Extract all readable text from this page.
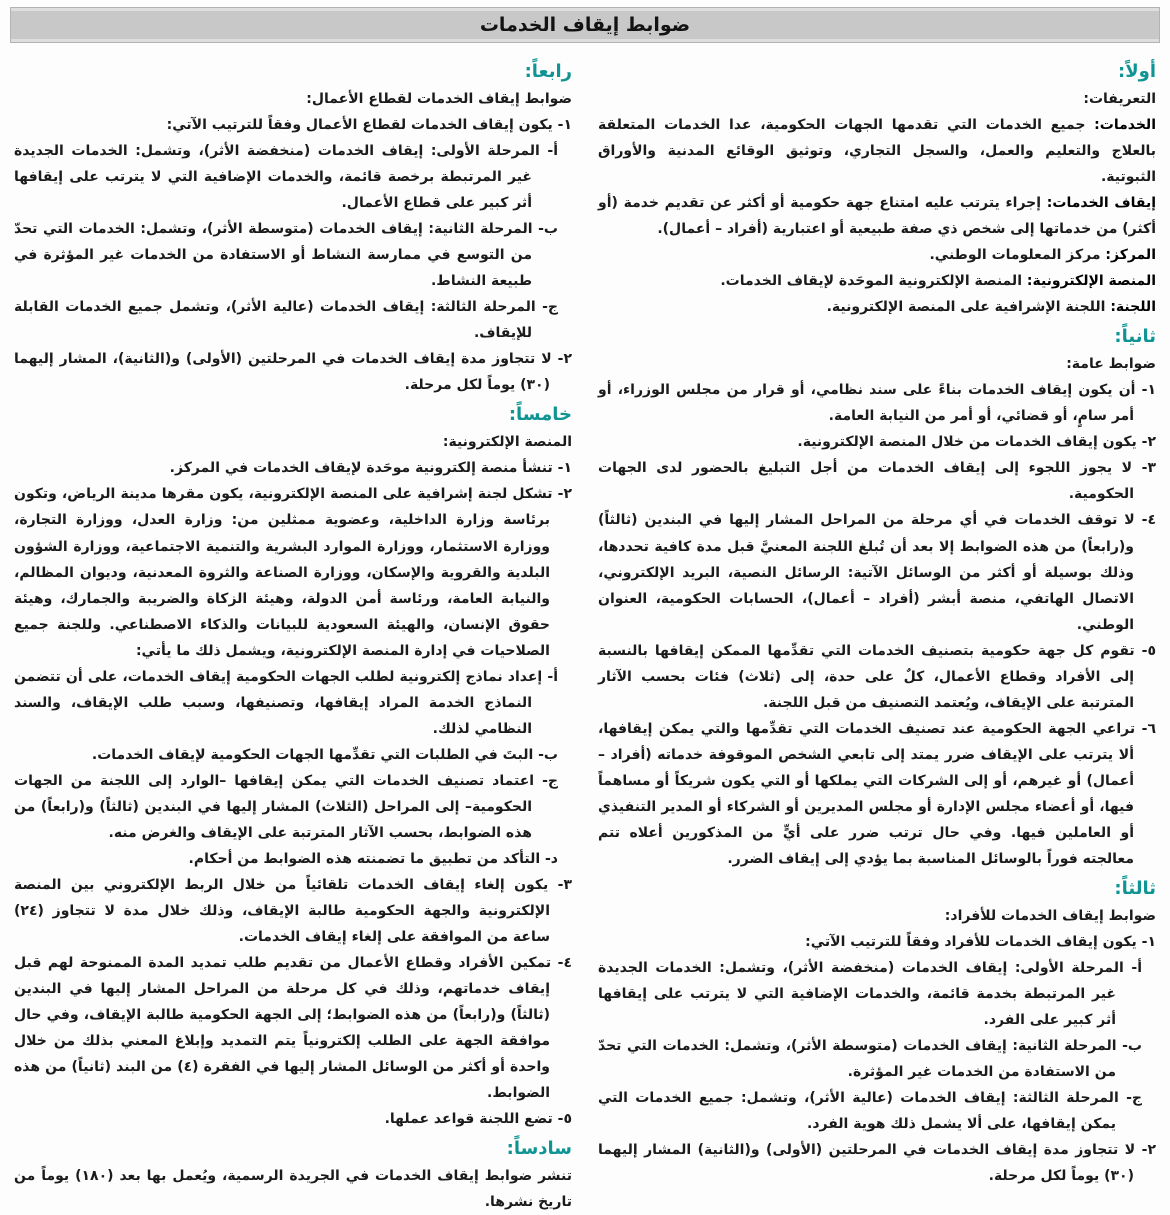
ضوابط إيقاف الخدمات

أولاً:

التعريفات:

الخدمات: جميع الخدمات التي تقدمها الجهات الحكومية، عدا الخدمات المتعلقة بالعلاج والتعليم والعمل، والسجل التجاري، وتوثيق الوقائع المدنية والأوراق الثبوتية.

إيقاف الخدمات: إجراء يترتب عليه امتناع جهة حكومية أو أكثر عن تقديم خدمة (أو أكثر) من خدماتها إلى شخص ذي صفة طبيعية أو اعتبارية (أفراد – أعمال).

المركز: مركز المعلومات الوطني.

المنصة الإلكترونية: المنصة الإلكترونية الموحَدة لإيقاف الخدمات.

اللجنة: اللجنة الإشرافية على المنصة الإلكترونية.

ثانياً:

ضوابط عامة:

١- أن يكون إيقاف الخدمات بناءً على سند نظامي، أو قرار من مجلس الوزراء، أو أمر سامٍ، أو قضائي، أو أمر من النيابة العامة.

٢- يكون إيقاف الخدمات من خلال المنصة الإلكترونية.

٣- لا يجوز اللجوء إلى إيقاف الخدمات من أجل التبليغ بالحضور لدى الجهات الحكومية.

٤- لا توقف الخدمات في أي مرحلة من المراحل المشار إليها في البندين (ثالثاً) و(رابعاً) من هذه الضوابط إلا بعد أن تُبلغ اللجنة المعنيَّ قبل مدة كافية تحددها، وذلك بوسيلة أو أكثر من الوسائل الآتية: الرسائل النصية، البريد الإلكتروني، الاتصال الهاتفي، منصة أبشر (أفراد – أعمال)، الحسابات الحكومية، العنوان الوطني.

٥- تقوم كل جهة حكومية بتصنيف الخدمات التي تقدِّمها الممكن إيقافها بالنسبة إلى الأفراد وقطاع الأعمال، كلٌ على حدة، إلى (ثلاث) فئات بحسب الآثار المترتبة على الإيقاف، ويُعتمد التصنيف من قبل اللجنة.

٦- تراعي الجهة الحكومية عند تصنيف الخدمات التي تقدِّمها والتي يمكن إيقافها، ألا يترتب على الإيقاف ضرر يمتد إلى تابعي الشخص الموقوفة خدماته (أفراد – أعمال) أو غيرهم، أو إلى الشركات التي يملكها أو التي يكون شريكاً أو مساهماً فيها، أو أعضاء مجلس الإدارة أو مجلس المديرين أو الشركاء أو المدير التنفيذي أو العاملين فيها. وفي حال ترتب ضرر على أيٍّ من المذكورين أعلاه تتم معالجته فوراً بالوسائل المناسبة بما يؤدي إلى إيقاف الضرر.

ثالثاً:

ضوابط إيقاف الخدمات للأفراد:

١- يكون إيقاف الخدمات للأفراد وفقاً للترتيب الآتي:

أ- المرحلة الأولى: إيقاف الخدمات (منخفضة الأثر)، وتشمل: الخدمات الجديدة غير المرتبطة بخدمة قائمة، والخدمات الإضافية التي لا يترتب على إيقافها أثر كبير على الفرد.

ب- المرحلة الثانية: إيقاف الخدمات (متوسطة الأثر)، وتشمل: الخدمات التي تحدّ من الاستفادة من الخدمات غير المؤثرة.

ج- المرحلة الثالثة: إيقاف الخدمات (عالية الأثر)، وتشمل: جميع الخدمات التي يمكن إيقافها، على ألا يشمل ذلك هوية الفرد.

٢- لا تتجاوز مدة إيقاف الخدمات في المرحلتين (الأولى) و(الثانية) المشار إليهما (٣٠) يوماً لكل مرحلة.

رابعاً:

ضوابط إيقاف الخدمات لقطاع الأعمال:

١- يكون إيقاف الخدمات لقطاع الأعمال وفقاً للترتيب الآتي:

أ- المرحلة الأولى: إيقاف الخدمات (منخفضة الأثر)، وتشمل: الخدمات الجديدة غير المرتبطة برخصة قائمة، والخدمات الإضافية التي لا يترتب على إيقافها أثر كبير على قطاع الأعمال.

ب- المرحلة الثانية: إيقاف الخدمات (متوسطة الأثر)، وتشمل: الخدمات التي تحدّ من التوسع في ممارسة النشاط أو الاستفادة من الخدمات غير المؤثرة في طبيعة النشاط.

ج- المرحلة الثالثة: إيقاف الخدمات (عالية الأثر)، وتشمل جميع الخدمات القابلة للإيقاف.

٢- لا تتجاوز مدة إيقاف الخدمات في المرحلتين (الأولى) و(الثانية)، المشار إليهما (٣٠) يوماً لكل مرحلة.

خامساً:

المنصة الإلكترونية:

١- تنشأ منصة إلكترونية موحَدة لإيقاف الخدمات في المركز.

٢- تشكل لجنة إشرافية على المنصة الإلكترونية، يكون مقرها مدينة الرياض، وتكون برئاسة وزارة الداخلية، وعضوية ممثلين من: وزارة العدل، ووزارة التجارة، ووزارة الاستثمار، ووزارة الموارد البشرية والتنمية الاجتماعية، ووزارة الشؤون البلدية والقروية والإسكان، ووزارة الصناعة والثروة المعدنية، وديوان المظالم، والنيابة العامة، ورئاسة أمن الدولة، وهيئة الزكاة والضريبة والجمارك، وهيئة حقوق الإنسان، والهيئة السعودية للبيانات والذكاء الاصطناعي. وللجنة جميع الصلاحيات في إدارة المنصة الإلكترونية، ويشمل ذلك ما يأتي:

أ- إعداد نماذج إلكترونية لطلب الجهات الحكومية إيقاف الخدمات، على أن تتضمن النماذج الخدمة المراد إيقافها، وتصنيفها، وسبب طلب الإيقاف، والسند النظامي لذلك.

ب- البتَ في الطلبات التي تقدِّمها الجهات الحكومية لإيقاف الخدمات.

ج- اعتماد تصنيف الخدمات التي يمكن إيقافها –الوارد إلى اللجنة من الجهات الحكومية– إلى المراحل (الثلاث) المشار إليها في البندين (ثالثاً) و(رابعاً) من هذه الضوابط، بحسب الآثار المترتبة على الإيقاف والغرض منه.

د- التأكد من تطبيق ما تضمنته هذه الضوابط من أحكام.

٣- يكون إلغاء إيقاف الخدمات تلقائياً من خلال الربط الإلكتروني بين المنصة الإلكترونية والجهة الحكومية طالبة الإيقاف، وذلك خلال مدة لا تتجاوز (٢٤) ساعة من الموافقة على إلغاء إيقاف الخدمات.

٤- تمكين الأفراد وقطاع الأعمال من تقديم طلب تمديد المدة الممنوحة لهم قبل إيقاف خدماتهم، وذلك في كل مرحلة من المراحل المشار إليها في البندين (ثالثاً) و(رابعاً) من هذه الضوابط؛ إلى الجهة الحكومية طالبة الإيقاف، وفي حال موافقة الجهة على الطلب إلكترونياً يتم التمديد وإبلاغ المعني بذلك من خلال واحدة أو أكثر من الوسائل المشار إليها في الفقرة (٤) من البند (ثانياً) من هذه الضوابط.

٥- تضع اللجنة قواعد عملها.

سادساً:

تنشر ضوابط إيقاف الخدمات في الجريدة الرسمية، ويُعمل بها بعد (١٨٠) يوماً من تاريخ نشرها.
